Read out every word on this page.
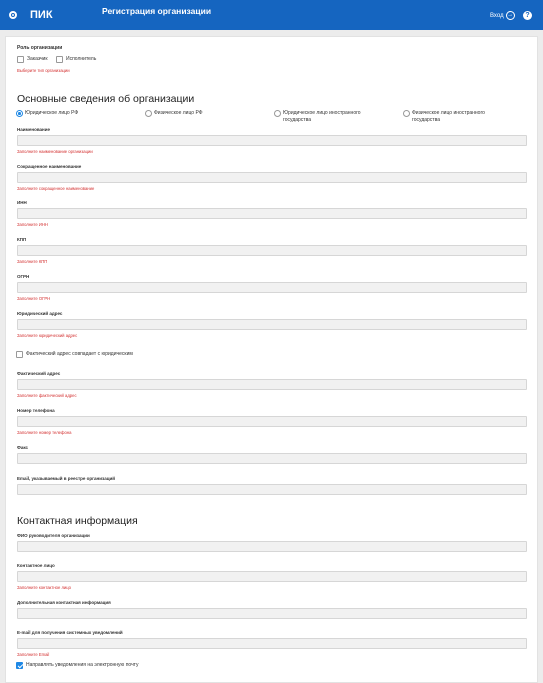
ПИК	Регистрация организации	Вход →	?
Роль организации
Заказчик	Исполнитель
Выберите тип организации
Основные сведения об организации
Юридическое лицо РФ	Физическое лицо РФ	Юридическое лицо иностранного государства
Физическое лицо иностранного государства
Наименование
Заполните наименование организации
Сокращенное наименование
Заполните сокращенное наименование
ИНН
Заполните ИНН
КПП
Заполните КПП
ОГРН
Заполните ОГРН
Юридический адрес
Заполните юридический адрес
Фактический адрес совпадает с юридическим
Фактический адрес
Заполните фактический адрес
Номер телефона
Заполните номер телефона
Факс
Email, указываемый в реестре организаций
Контактная информация
ФИО руководителя организации
Контактное лицо
Заполните контактное лицо
Дополнительная контактная информация
E-mail для получения системных уведомлений
Заполните Email
Направлять уведомления на электронную почту
